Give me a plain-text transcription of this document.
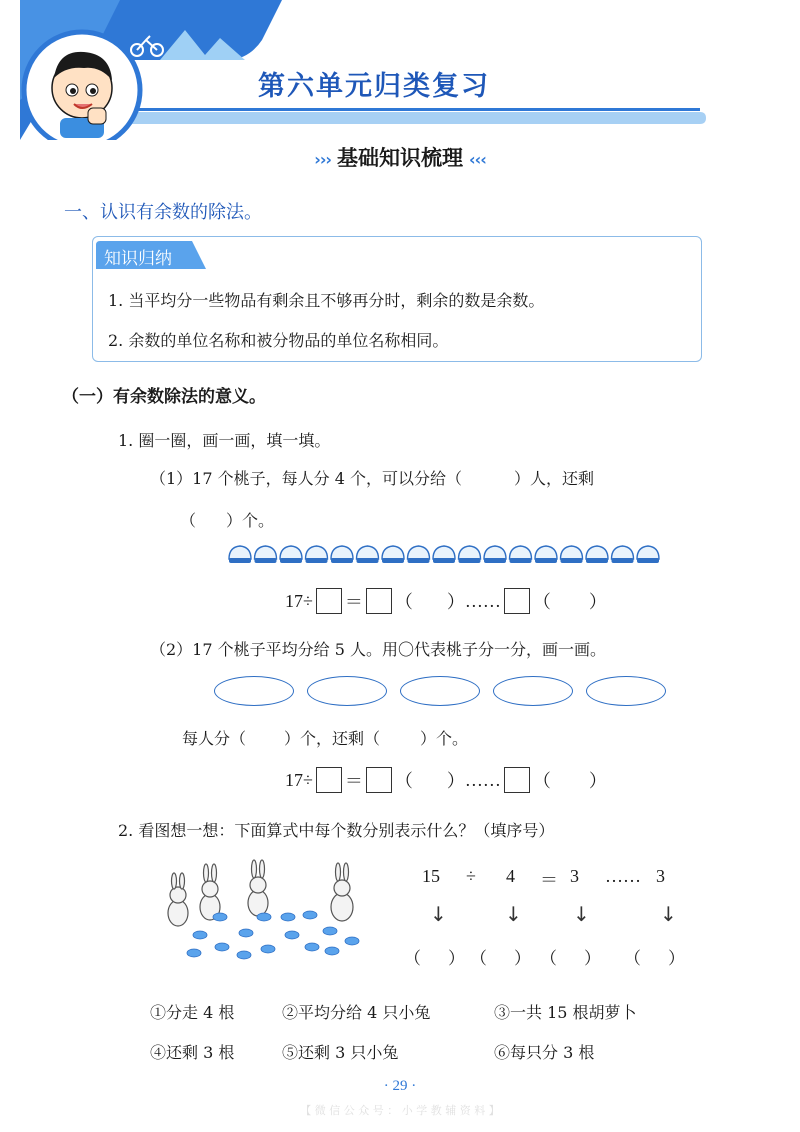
第六单元归类复习
››› 基础知识梳理 ‹‹‹
一、认识有余数的除法。
知识归纳
1. 当平均分一些物品有剩余且不够再分时，剩余的数是余数。
2. 余数的单位名称和被分物品的单位名称相同。
（一）有余数除法的意义。
1. 圈一圈，画一画，填一填。
（1）17 个桃子，每人分 4 个，可以分给（	）人，还剩
（ ）个。
17÷ ＝ （ ） …… （ ）
（2）17 个桃子平均分给 5 人。用〇代表桃子分一分，画一画。
每人分（ ）个，还剩（	）个。
17÷ ＝ （ ） …… （ ）
2. 看图想一想：下面算式中每个数分别表示什么？（填序号）
15 ÷ 4 ＝ 3 …… 3
↓	↓	↓	↓
（     ） （     ） （     ） （     ）
①分走 4 根	②平均分给 4 只小兔	③一共 15 根胡萝卜
④还剩 3 根	⑤还剩 3 只小兔	⑥每只分 3 根
· 29 ·
【 微 信 公 众 号 ： 小 学 教 辅 资 料 】
